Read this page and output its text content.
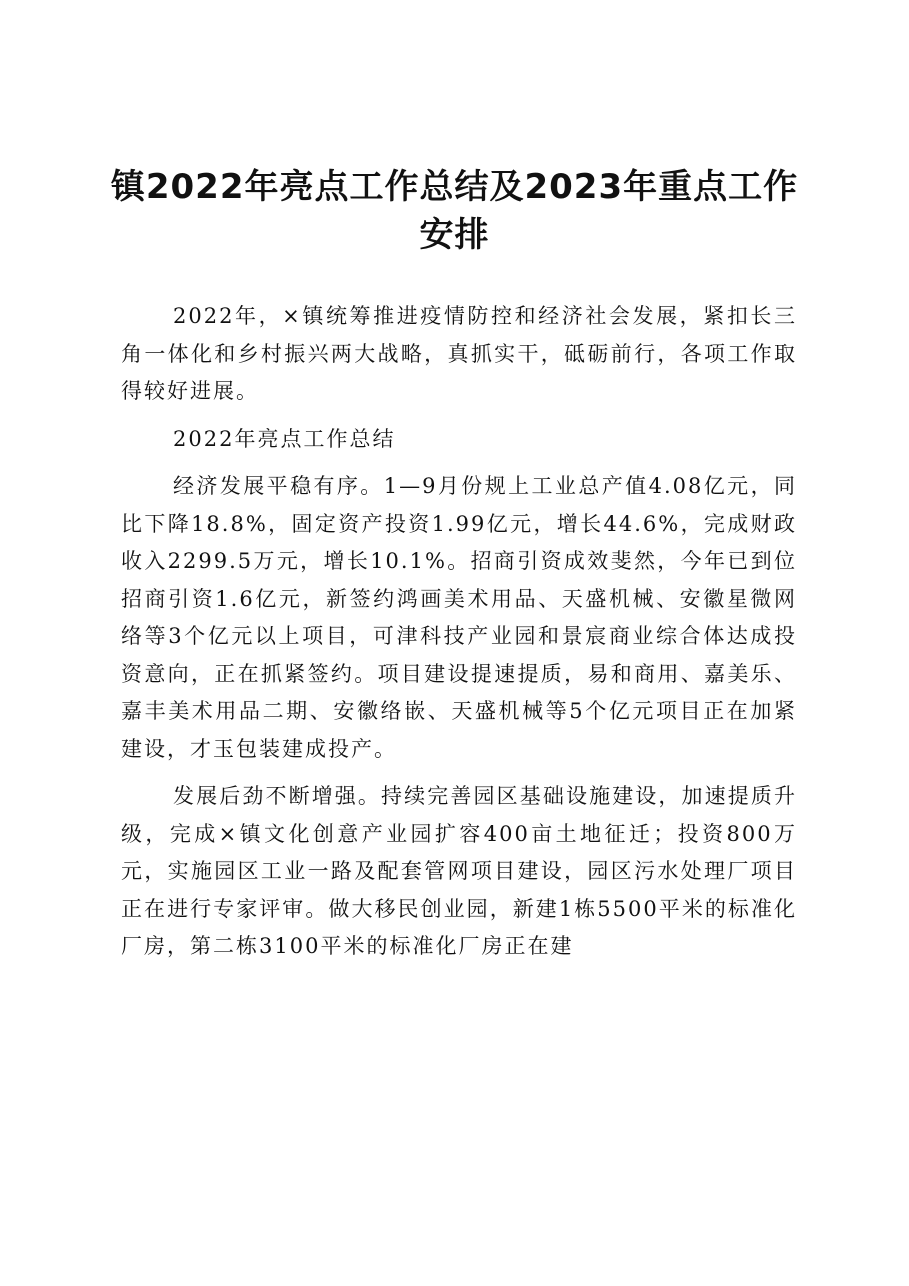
镇2022年亮点工作总结及2023年重点工作安排

2022年，×镇统筹推进疫情防控和经济社会发展，紧扣长三角一体化和乡村振兴两大战略，真抓实干，砥砺前行，各项工作取得较好进展。

2022年亮点工作总结

经济发展平稳有序。1—9月份规上工业总产值4.08亿元，同比下降18.8%，固定资产投资1.99亿元，增长44.6%，完成财政收入2299.5万元，增长10.1%。招商引资成效斐然，今年已到位招商引资1.6亿元，新签约鸿画美术用品、天盛机械、安徽星微网络等3个亿元以上项目，可津科技产业园和景宸商业综合体达成投资意向，正在抓紧签约。项目建设提速提质，易和商用、嘉美乐、嘉丰美术用品二期、安徽络嵌、天盛机械等5个亿元项目正在加紧建设，才玉包装建成投产。

发展后劲不断增强。持续完善园区基础设施建设，加速提质升级，完成×镇文化创意产业园扩容400亩土地征迁；投资800万元，实施园区工业一路及配套管网项目建设，园区污水处理厂项目正在进行专家评审。做大移民创业园，新建1栋5500平米的标准化厂房，第二栋3100平米的标准化厂房正在建
